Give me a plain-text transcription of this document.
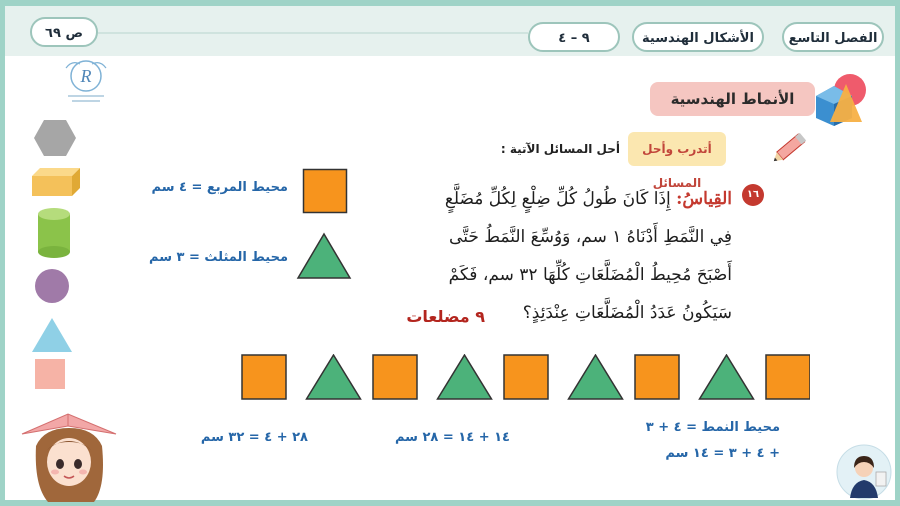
ص ٦٩	٩ – ٤	الأشكال الهندسية	الفصل التاسع
R
الأنماط الهندسية
أتدرب وأحل المسائل
أحل المسائل الآتية :
١٦
القِياسُ: إِذَا كَانَ طُولُ كُلِّ ضِلْعٍ لِكُلِّ مُضَلَّعٍ
فِي النَّمَطِ أَدْنَاهُ ١ سم، وَوُسِّعَ النَّمَطُ حَتَّى
أَصْبَحَ مُحِيطُ الْمُضَلَّعَاتِ كُلِّهَا ٣٢ سم، فَكَمْ
سَيَكُونُ عَدَدُ الْمُضَلَّعَاتِ عِنْدَئِذٍ؟
٩ مضلعات
محيط المربع = ٤ سم
محيط المثلث = ٣ سم
محيط النمط = ٤ + ٣
+ ٤ + ٣ = ١٤ سم
١٤ + ١٤ = ٢٨ سم
٢٨ + ٤ = ٣٢ سم
